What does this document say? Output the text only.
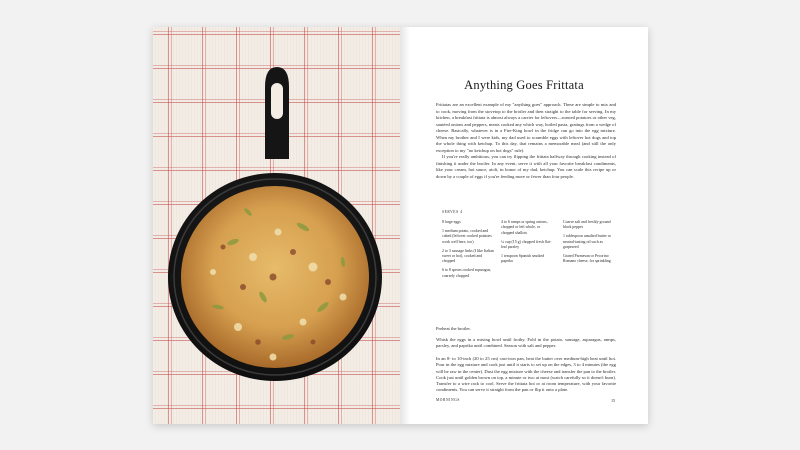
Anything Goes Frittata

Frittatas are an excellent example of my "anything goes" approach. These are simple to mix and to cook, moving from the stovetop to the broiler and then straight to the table for serving. In my kitchen, a breakfast frittata is almost always a carrier for leftovers—roasted potatoes or other veg, sautéed onions and peppers, meats cooked any which way, boiled pasta, gratings from a wedge of cheese. Basically, whatever is in a Fire-King bowl in the fridge can go into the egg mixture. When my brother and I were kids, my dad used to scramble eggs with leftover hot dogs and top the whole thing with ketchup. To this day, that remains a memorable meal (and still the only exception to my "no ketchup on hot dogs" rule).

If you're really ambitious, you can try flipping the frittata halfway through cooking instead of finishing it under the broiler. In any event, serve it with all your favorite breakfast condiments, like your cream, hot sauce, aioli, in honor of my dad, ketchup. You can scale this recipe up or down by a couple of eggs if you're feeding more or fewer than four people.

SERVES 4
8 large eggs
1 medium potato, cooked and cubed (leftover cooked potatoes work well here, too)
2 to 3 sausage links (I like Italian sweet or hot), cooked and chopped
6 to 8 spears cooked asparagus, coarsely chopped
4 to 6 ramps or spring onions, chopped or left whole, or chopped shallots
¼ cup (15 g) chopped fresh flat-leaf parsley
1 teaspoon Spanish smoked paprika
Coarse salt and freshly ground black pepper
1 tablespoon unsalted butter or neutral-tasting oil such as grapeseed
Grated Parmesan or Pecorino Romano cheese, for sprinkling

Preheat the broiler.

Whisk the eggs in a mixing bowl until frothy. Fold in the potato, sausage, asparagus, ramps, parsley, and paprika until combined. Season with salt and pepper.

In an 8- to 10-inch (20 to 25 cm) cast-iron pan, heat the butter over medium-high heat until hot. Pour in the egg mixture and cook just until it starts to set up on the edges, 3 to 4 minutes (the egg will be raw in the center). Dust the egg mixture with the cheese and transfer the pan to the broiler. Cook just until golden brown on top, a minute or two at most (watch carefully so it doesn't burn). Transfer to a wire rack to cool. Serve the frittata hot or at room temperature, with your favorite condiments. You can serve it straight from the pan or flip it onto a plate.

MORNINGS	15
